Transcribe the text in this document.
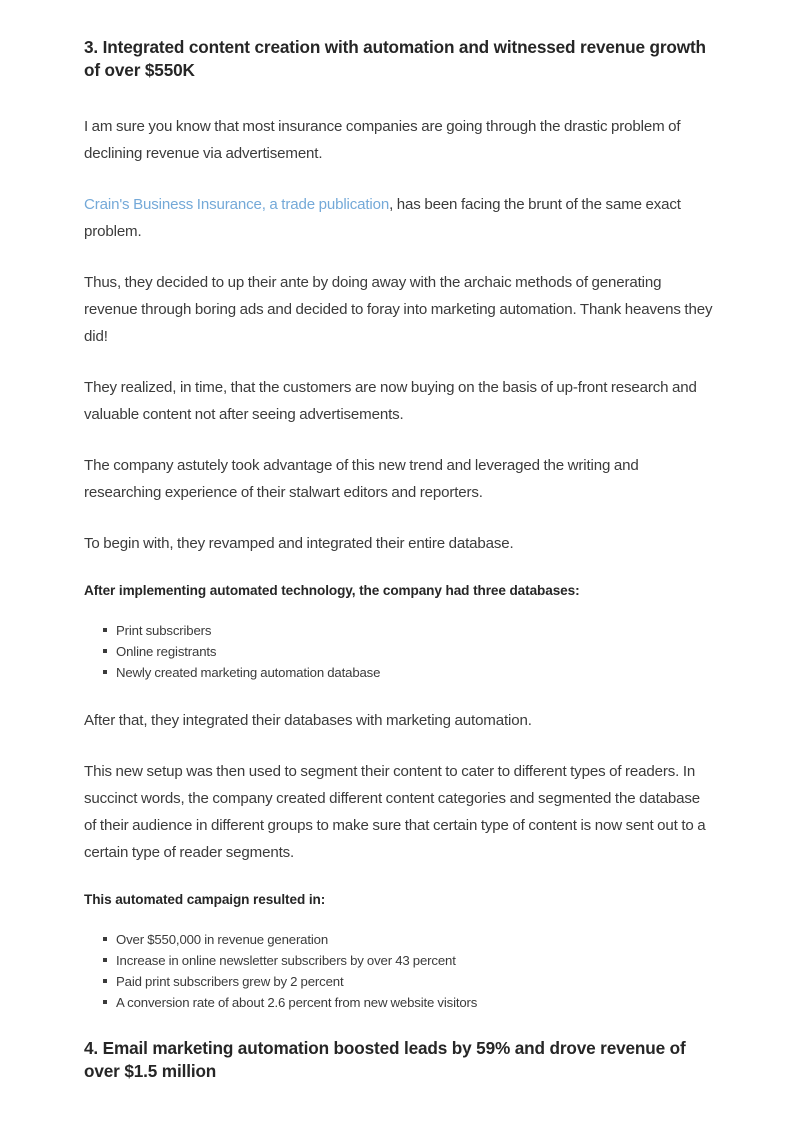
3. Integrated content creation with automation and witnessed revenue growth of over $550K

I am sure you know that most insurance companies are going through the drastic problem of declining revenue via advertisement.

Crain's Business Insurance, a trade publication, has been facing the brunt of the same exact problem.

Thus, they decided to up their ante by doing away with the archaic methods of generating revenue through boring ads and decided to foray into marketing automation. Thank heavens they did!

They realized, in time, that the customers are now buying on the basis of up-front research and valuable content not after seeing advertisements.

The company astutely took advantage of this new trend and leveraged the writing and researching experience of their stalwart editors and reporters.

To begin with, they revamped and integrated their entire database.

After implementing automated technology, the company had three databases:

Print subscribers
Online registrants
Newly created marketing automation database

After that, they integrated their databases with marketing automation.

This new setup was then used to segment their content to cater to different types of readers. In succinct words, the company created different content categories and segmented the database of their audience in different groups to make sure that certain type of content is now sent out to a certain type of reader segments.

This automated campaign resulted in:

Over $550,000 in revenue generation
Increase in online newsletter subscribers by over 43 percent
Paid print subscribers grew by 2 percent
A conversion rate of about 2.6 percent from new website visitors
4. Email marketing automation boosted leads by 59% and drove revenue of over $1.5 million
